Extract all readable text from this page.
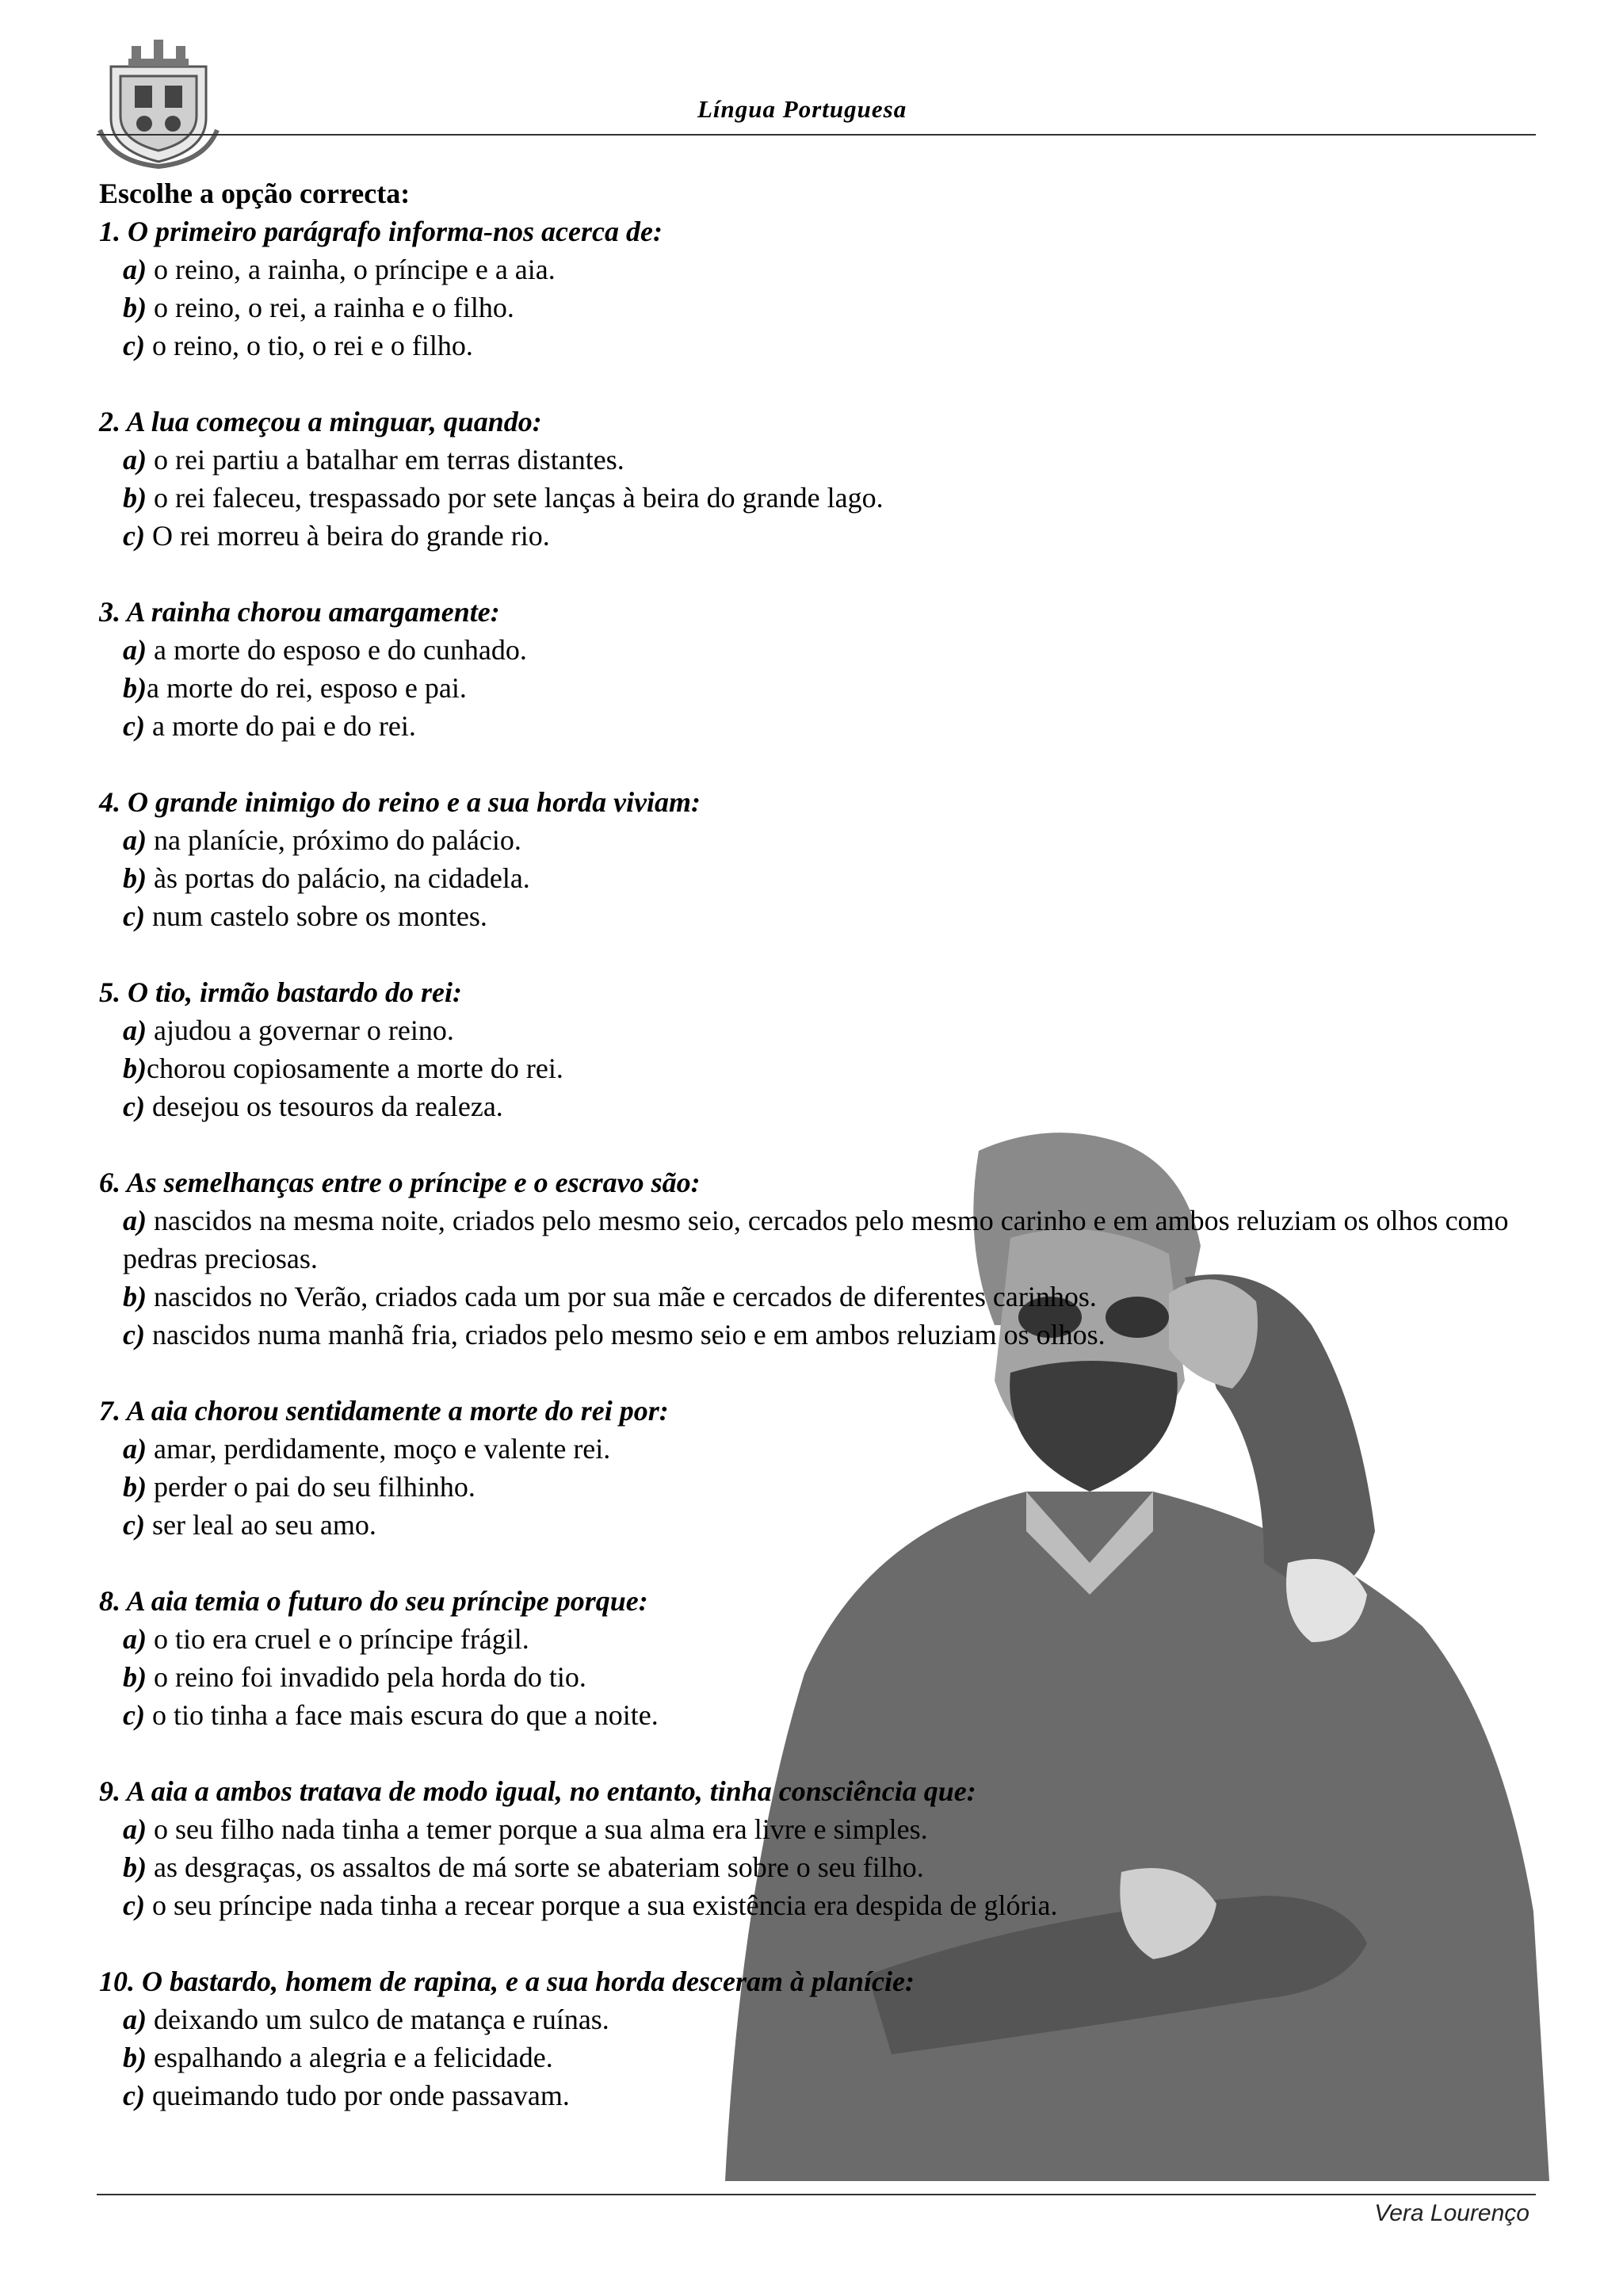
Língua Portuguesa
Escolhe a opção correcta:
1. O primeiro parágrafo informa-nos acerca de:
a) o reino, a rainha, o príncipe e a aia.
b) o reino, o rei, a rainha e o filho.
c) o reino, o tio, o rei e o filho.
2. A lua começou a minguar, quando:
a) o rei partiu a batalhar em terras distantes.
b) o rei faleceu, trespassado por sete lanças à beira do grande lago.
c) O rei morreu à beira do grande rio.
3. A rainha chorou amargamente:
a) a morte do esposo e do cunhado.
b)a morte do rei, esposo e pai.
c) a morte do pai e do rei.
4. O grande inimigo do reino e a sua horda viviam:
a) na planície, próximo do palácio.
b) às portas do palácio, na cidadela.
c) num castelo sobre os montes.
5. O tio, irmão bastardo do rei:
a) ajudou a governar o reino.
b)chorou copiosamente a morte do rei.
c) desejou os tesouros da realeza.
6. As semelhanças entre o príncipe e o escravo são:
a) nascidos na mesma noite, criados pelo mesmo seio, cercados pelo mesmo carinho e em ambos reluziam os olhos como pedras preciosas.
b) nascidos no Verão, criados cada um por sua mãe e cercados de diferentes carinhos.
c) nascidos numa manhã fria, criados pelo mesmo seio e em ambos reluziam os olhos.
7. A aia chorou sentidamente a morte do rei por:
a) amar, perdidamente, moço e valente rei.
b) perder o pai do seu filhinho.
c) ser leal ao seu amo.
8. A aia temia o futuro do seu príncipe porque:
a) o tio era cruel e o príncipe frágil.
b) o reino foi invadido pela horda do tio.
c) o tio tinha a face mais escura do que a noite.
9. A aia a ambos tratava de modo igual, no entanto, tinha consciência que:
a) o seu filho nada tinha a temer porque a sua alma era livre e simples.
b) as desgraças, os assaltos de má sorte se abateriam sobre o seu filho.
c) o seu príncipe nada tinha a recear porque a sua existência era despida de glória.
10. O bastardo, homem de rapina, e a sua horda desceram à planície:
a) deixando um sulco de matança e ruínas.
b) espalhando a alegria e a felicidade.
c) queimando tudo por onde passavam.
Vera Lourenço
